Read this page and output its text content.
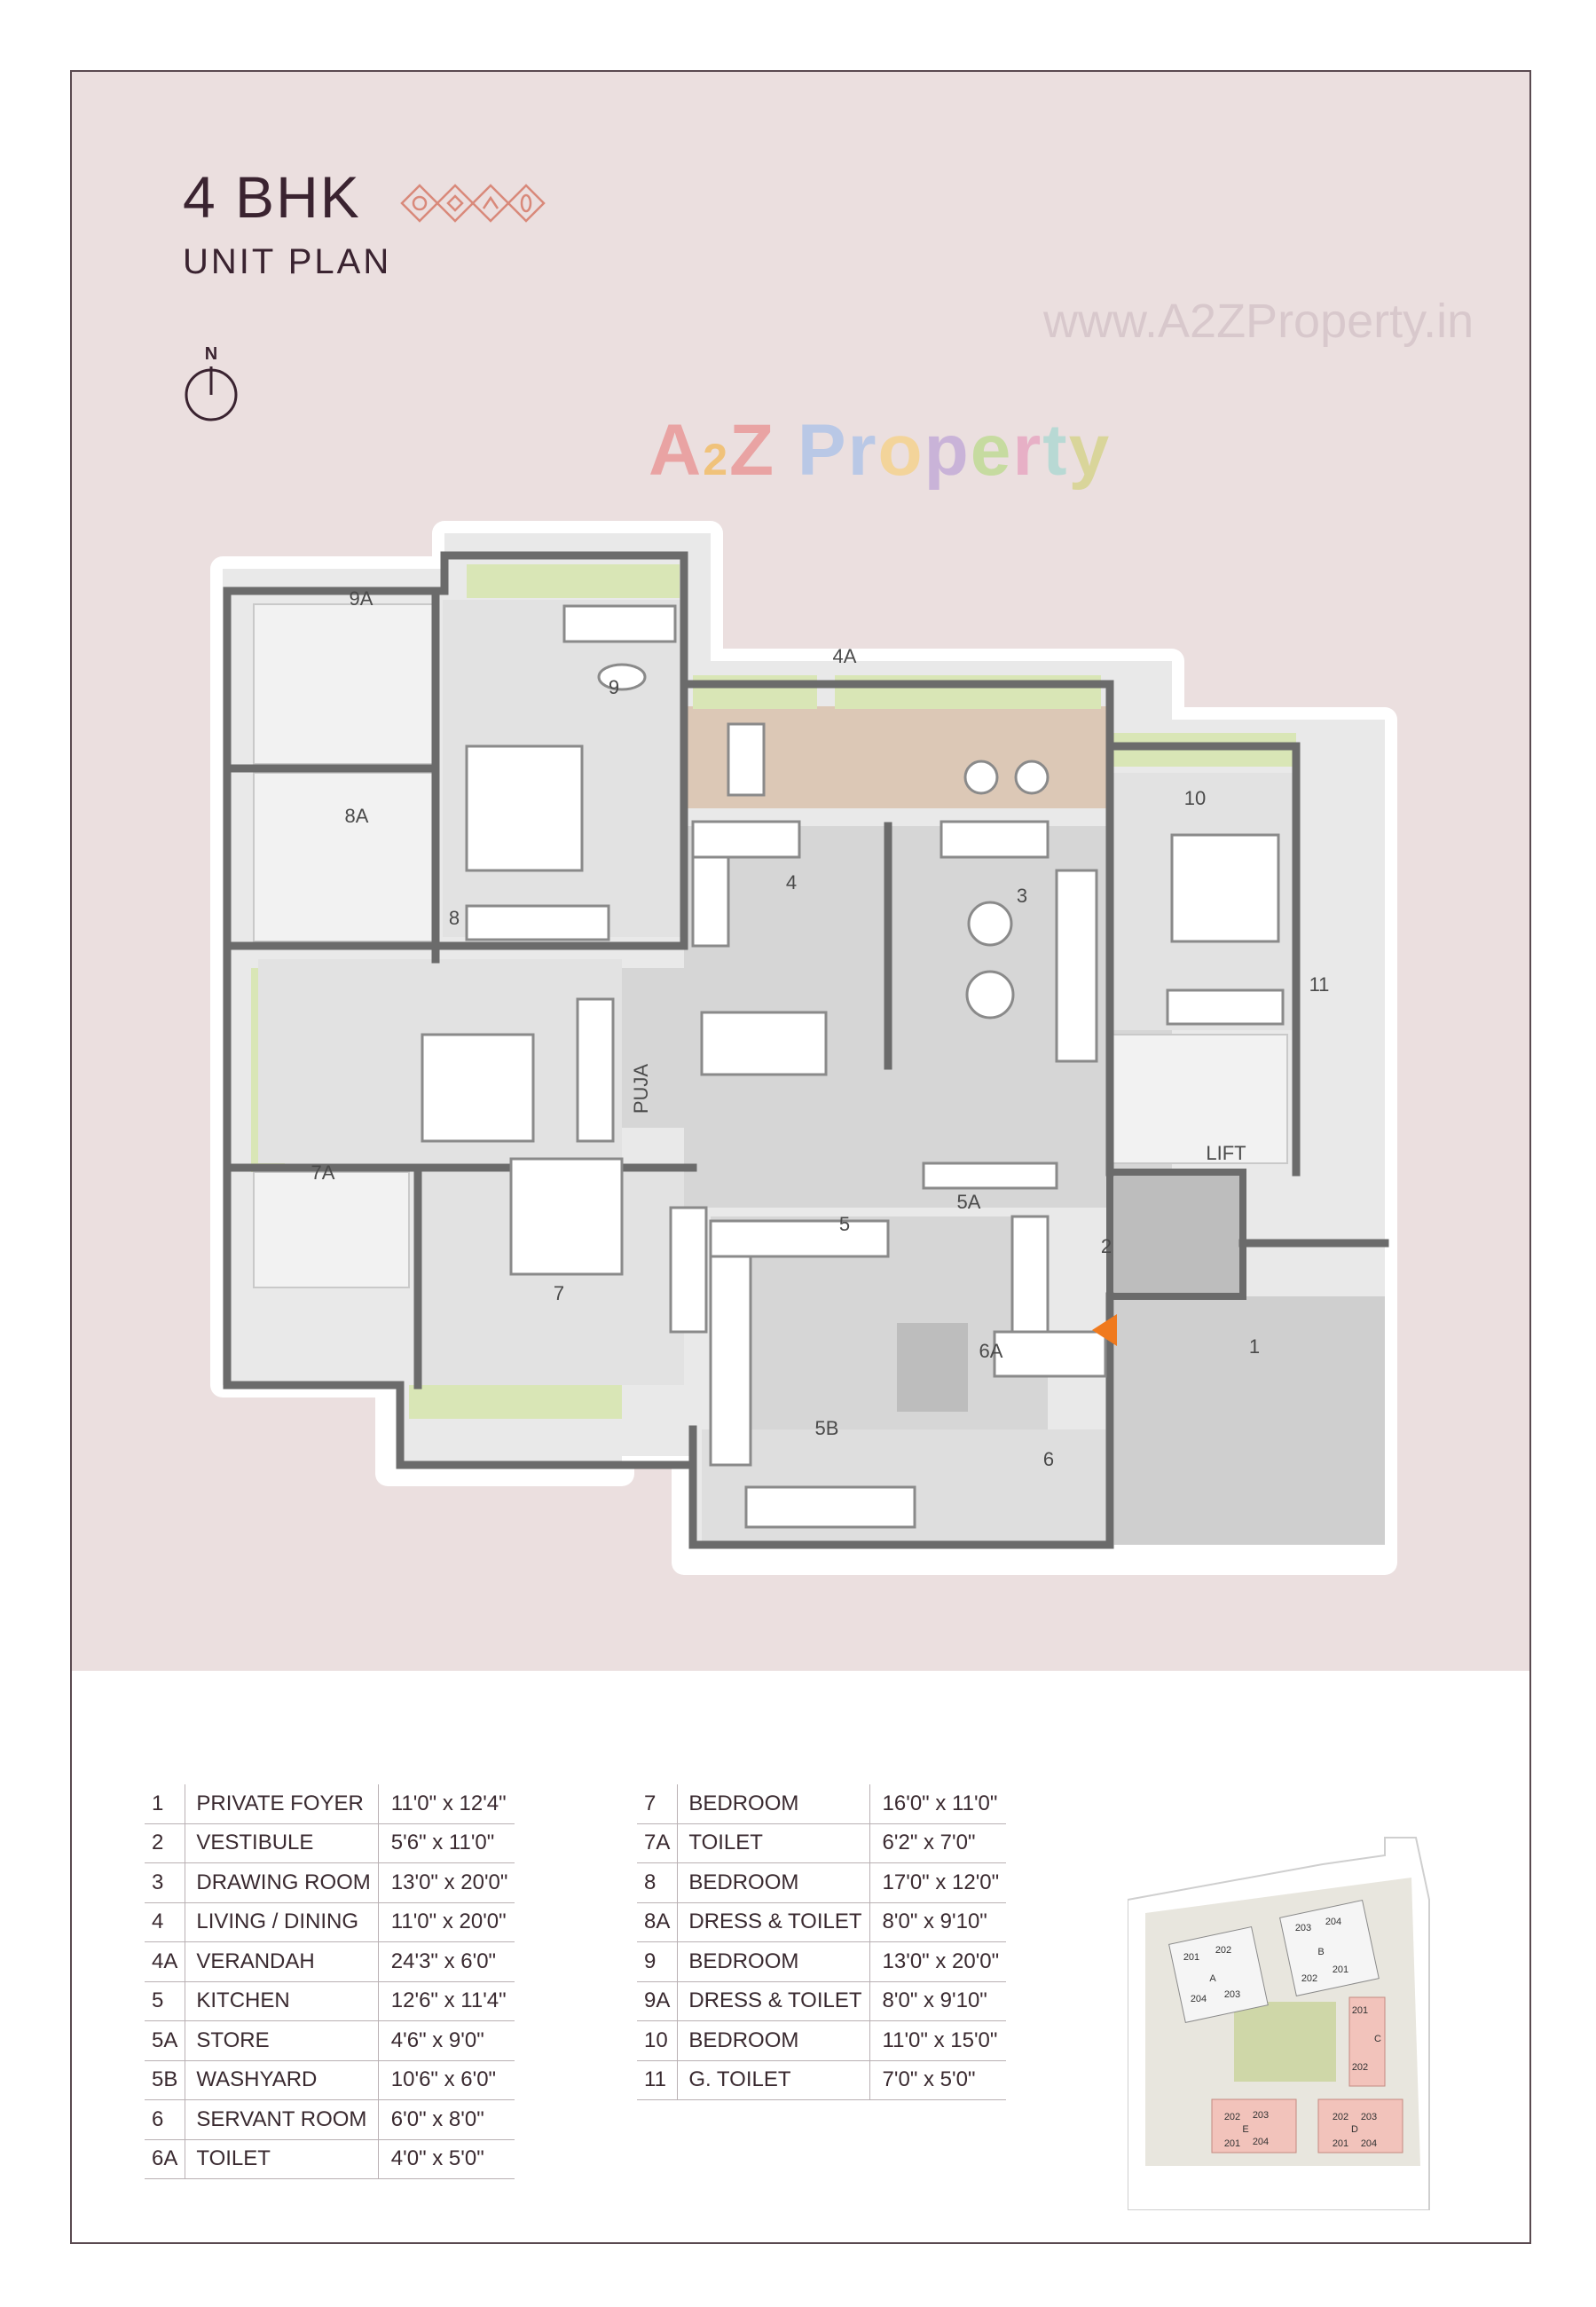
4 BHK
UNIT PLAN
N
www.A2ZProperty.in
A2Z Property
9A
9
8A
4A
10
4
3
8
PUJA
11
LIFT
7A
5A
2
5
7
1
6A
5B
6
1	PRIVATE FOYER	11'0" x 12'4"
2	VESTIBULE	5'6" x 11'0"
3	DRAWING ROOM	13'0" x 20'0"
4	LIVING / DINING	11'0" x 20'0"
4A	VERANDAH	24'3" x 6'0"
5	KITCHEN	12'6" x 11'4"
5A	STORE	4'6" x 9'0"
5B	WASHYARD	10'6" x 6'0"
6	SERVANT ROOM	6'0" x 8'0"
6A	TOILET	4'0" x 5'0"
7	BEDROOM	16'0" x 11'0"
7A	TOILET	6'2" x 7'0"
8	BEDROOM	17'0" x 12'0"
8A	DRESS & TOILET	8'0" x 9'10"
9	BEDROOM	13'0" x 20'0"
9A	DRESS & TOILET	8'0" x 9'10"
10	BEDROOM	11'0" x 15'0"
11	G. TOILET	7'0" x 5'0"
201
202
A
204 203
203
204
B
202
201
201
C
202
202 203
E
201 204
202 203
D
201 204
